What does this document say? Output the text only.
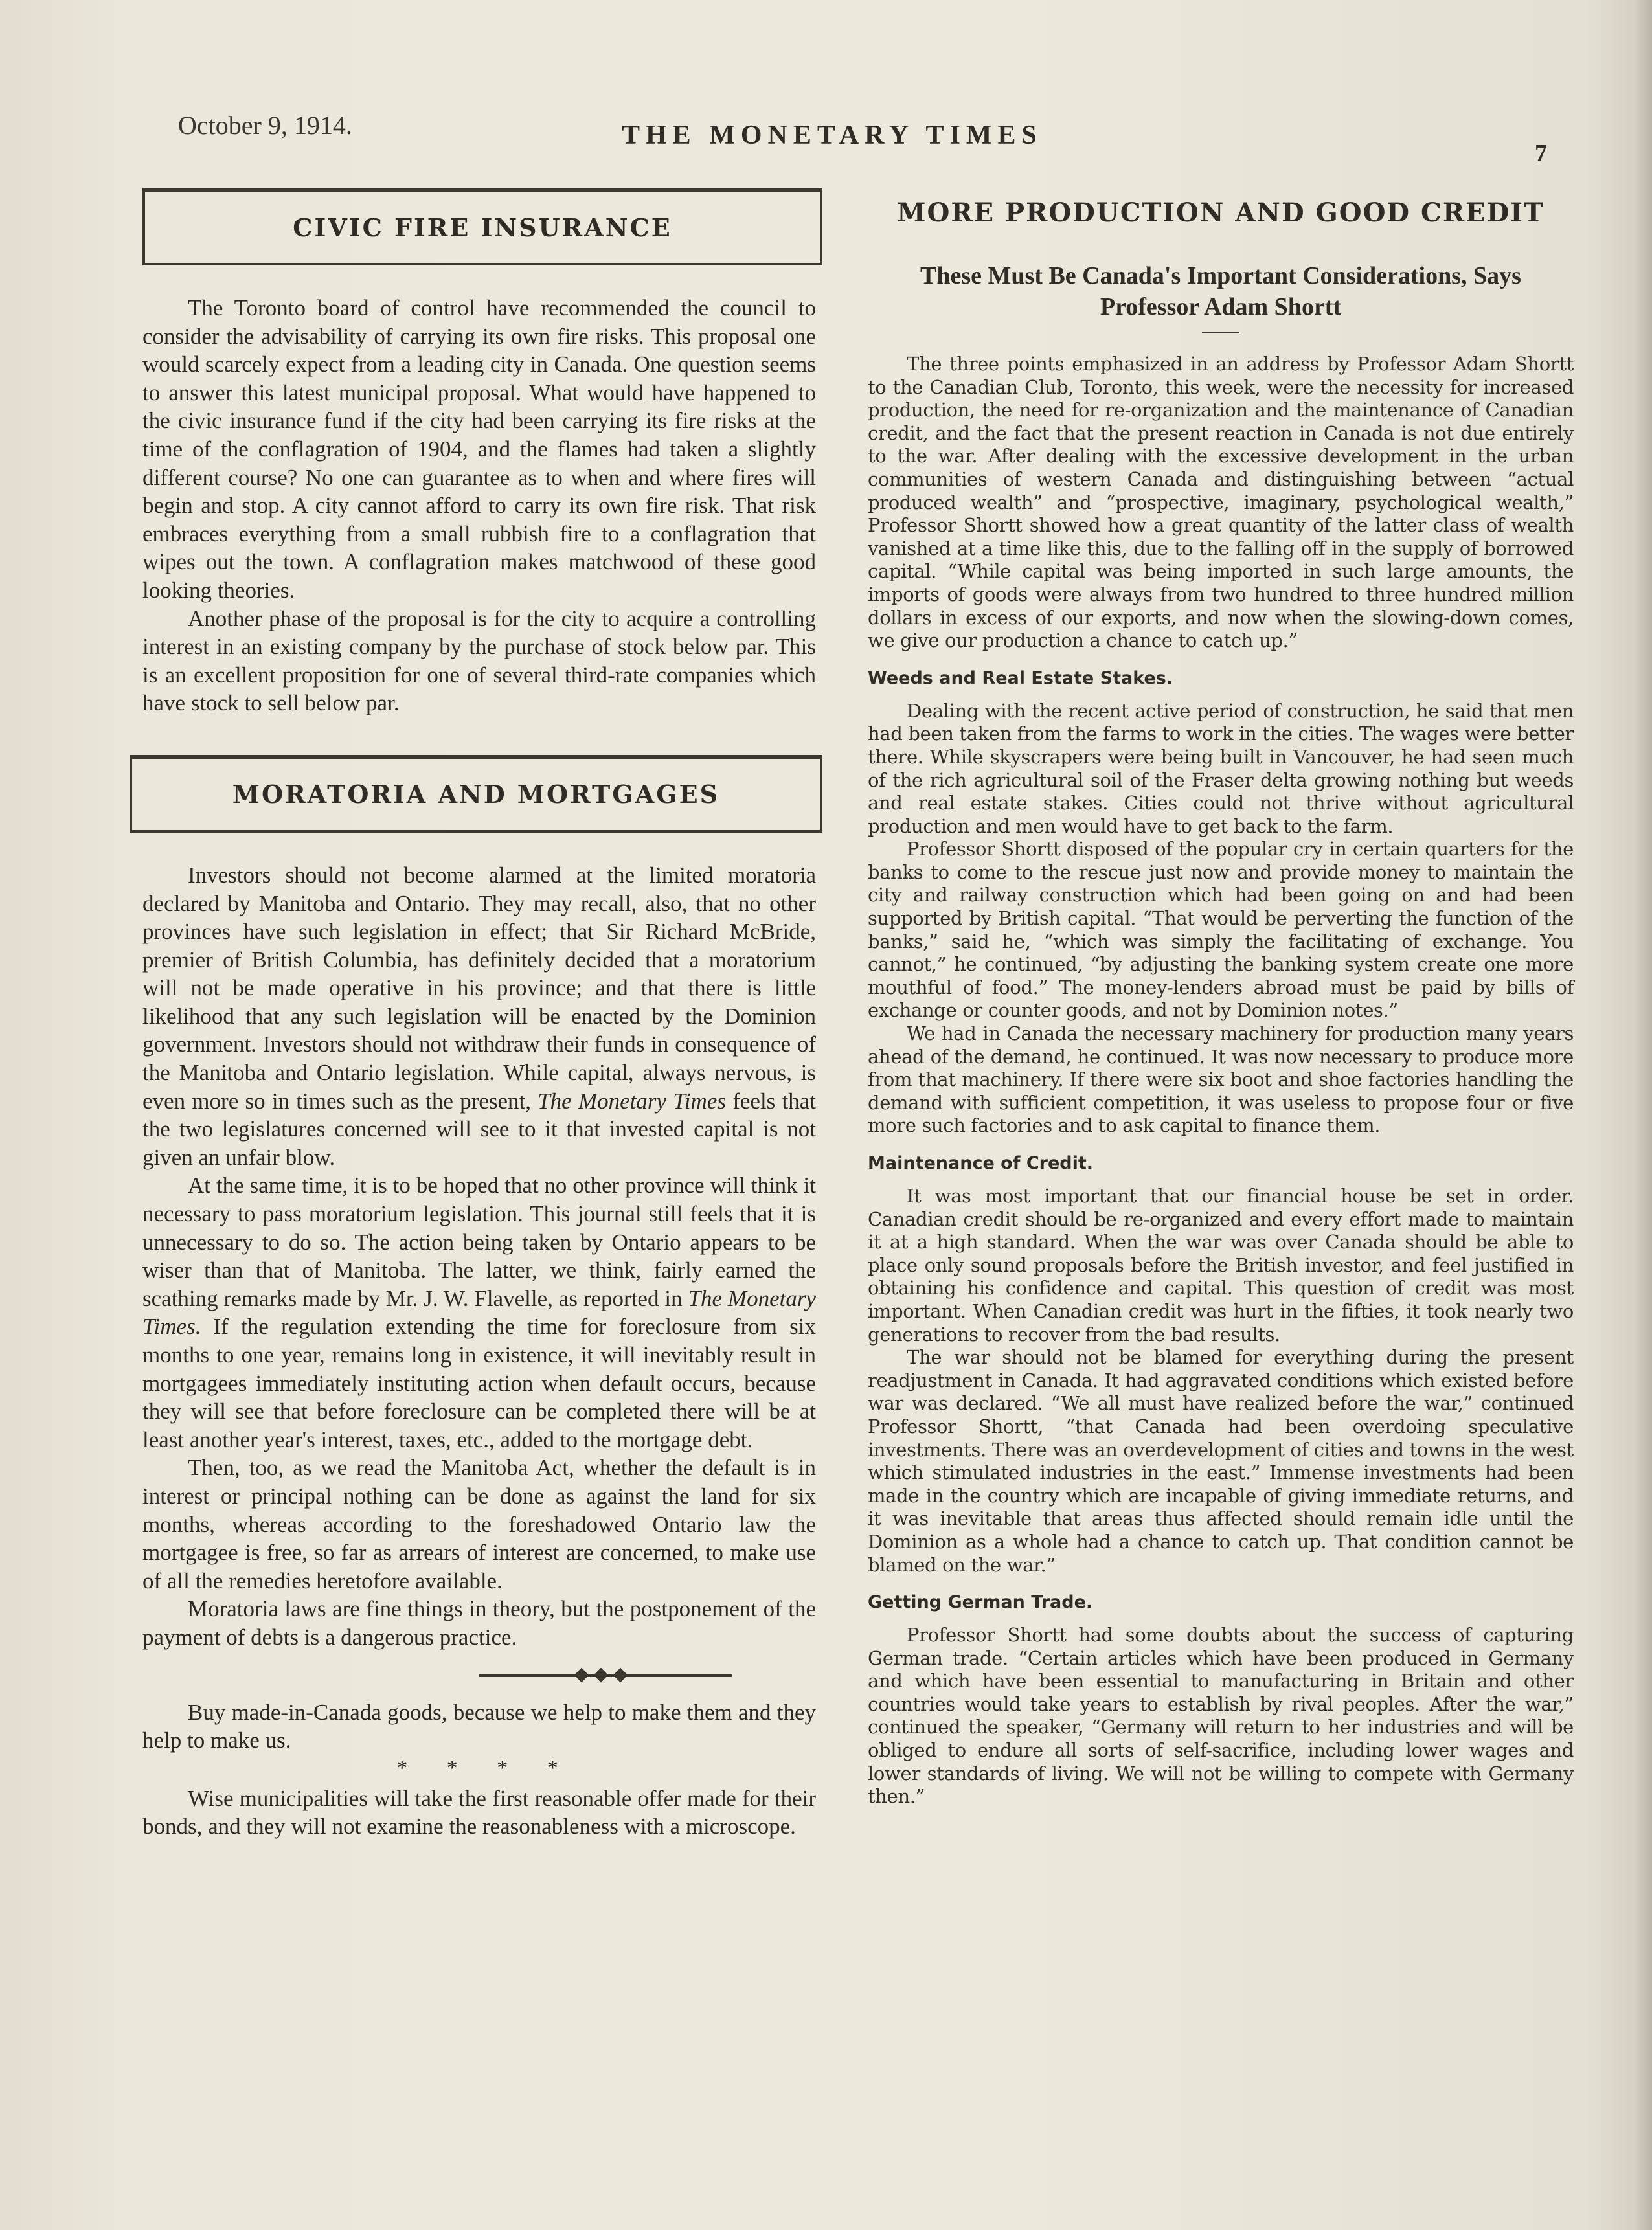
October 9, 1914.	THE MONETARY TIMES
7
CIVIC FIRE INSURANCE

The Toronto board of control have recommended the council to consider the advisability of carrying its own fire risks. This proposal one would scarcely expect from a leading city in Canada. One question seems to answer this latest municipal proposal. What would have happened to the civic insurance fund if the city had been carrying its fire risks at the time of the conflagration of 1904, and the flames had taken a slightly different course? No one can guarantee as to when and where fires will begin and stop. A city cannot afford to carry its own fire risk. That risk embraces everything from a small rubbish fire to a conflagration that wipes out the town. A conflagration makes matchwood of these good looking theories.

Another phase of the proposal is for the city to acquire a controlling interest in an existing company by the purchase of stock below par. This is an excellent proposition for one of several third-rate companies which have stock to sell below par.

MORATORIA AND MORTGAGES

Investors should not become alarmed at the limited moratoria declared by Manitoba and Ontario. They may recall, also, that no other provinces have such legislation in effect; that Sir Richard McBride, premier of British Columbia, has definitely decided that a moratorium will not be made operative in his province; and that there is little likelihood that any such legislation will be enacted by the Dominion government. Investors should not withdraw their funds in consequence of the Manitoba and Ontario legislation. While capital, always nervous, is even more so in times such as the present, The Monetary Times feels that the two legislatures concerned will see to it that invested capital is not given an unfair blow.

At the same time, it is to be hoped that no other province will think it necessary to pass moratorium legislation. This journal still feels that it is unnecessary to do so. The action being taken by Ontario appears to be wiser than that of Manitoba. The latter, we think, fairly earned the scathing remarks made by Mr. J. W. Flavelle, as reported in The Monetary Times. If the regulation extending the time for foreclosure from six months to one year, remains long in existence, it will inevitably result in mortgagees immediately instituting action when default occurs, because they will see that before foreclosure can be completed there will be at least another year's interest, taxes, etc., added to the mortgage debt.

Then, too, as we read the Manitoba Act, whether the default is in interest or principal nothing can be done as against the land for six months, whereas according to the foreshadowed Ontario law the mortgagee is free, so far as arrears of interest are concerned, to make use of all the remedies heretofore available.

Moratoria laws are fine things in theory, but the postponement of the payment of debts is a dangerous practice.

Buy made-in-Canada goods, because we help to make them and they help to make us.

* * * *

Wise municipalities will take the first reasonable offer made for their bonds, and they will not examine the reasonableness with a microscope.

MORE PRODUCTION AND GOOD CREDIT
These Must Be Canada's Important Considerations, Says Professor Adam Shortt

The three points emphasized in an address by Professor Adam Shortt to the Canadian Club, Toronto, this week, were the necessity for increased production, the need for re-organization and the maintenance of Canadian credit, and the fact that the present reaction in Canada is not due entirely to the war. After dealing with the excessive development in the urban communities of western Canada and distinguishing between “actual produced wealth” and “prospective, imaginary, psychological wealth,” Professor Shortt showed how a great quantity of the latter class of wealth vanished at a time like this, due to the falling off in the supply of borrowed capital. “While capital was being imported in such large amounts, the imports of goods were always from two hundred to three hundred million dollars in excess of our exports, and now when the slowing-down comes, we give our production a chance to catch up.”

Weeds and Real Estate Stakes.

Dealing with the recent active period of construction, he said that men had been taken from the farms to work in the cities. The wages were better there. While skyscrapers were being built in Vancouver, he had seen much of the rich agricultural soil of the Fraser delta growing nothing but weeds and real estate stakes. Cities could not thrive without agricultural production and men would have to get back to the farm.

Professor Shortt disposed of the popular cry in certain quarters for the banks to come to the rescue just now and provide money to maintain the city and railway construction which had been going on and had been supported by British capital. “That would be perverting the function of the banks,” said he, “which was simply the facilitating of exchange. You cannot,” he continued, “by adjusting the banking system create one more mouthful of food.” The money-lenders abroad must be paid by bills of exchange or counter goods, and not by Dominion notes.”

We had in Canada the necessary machinery for production many years ahead of the demand, he continued. It was now necessary to produce more from that machinery. If there were six boot and shoe factories handling the demand with sufficient competition, it was useless to propose four or five more such factories and to ask capital to finance them.

Maintenance of Credit.

It was most important that our financial house be set in order. Canadian credit should be re-organized and every effort made to maintain it at a high standard. When the war was over Canada should be able to place only sound proposals before the British investor, and feel justified in obtaining his confidence and capital. This question of credit was most important. When Canadian credit was hurt in the fifties, it took nearly two generations to recover from the bad results.

The war should not be blamed for everything during the present readjustment in Canada. It had aggravated conditions which existed before war was declared. “We all must have realized before the war,” continued Professor Shortt, “that Canada had been overdoing speculative investments. There was an overdevelopment of cities and towns in the west which stimulated industries in the east.” Immense investments had been made in the country which are incapable of giving immediate returns, and it was inevitable that areas thus affected should remain idle until the Dominion as a whole had a chance to catch up. That condition cannot be blamed on the war.”

Getting German Trade.

Professor Shortt had some doubts about the success of capturing German trade. “Certain articles which have been produced in Germany and which have been essential to manufacturing in Britain and other countries would take years to establish by rival peoples. After the war,” continued the speaker, “Germany will return to her industries and will be obliged to endure all sorts of self-sacrifice, including lower wages and lower standards of living. We will not be willing to compete with Germany then.”
